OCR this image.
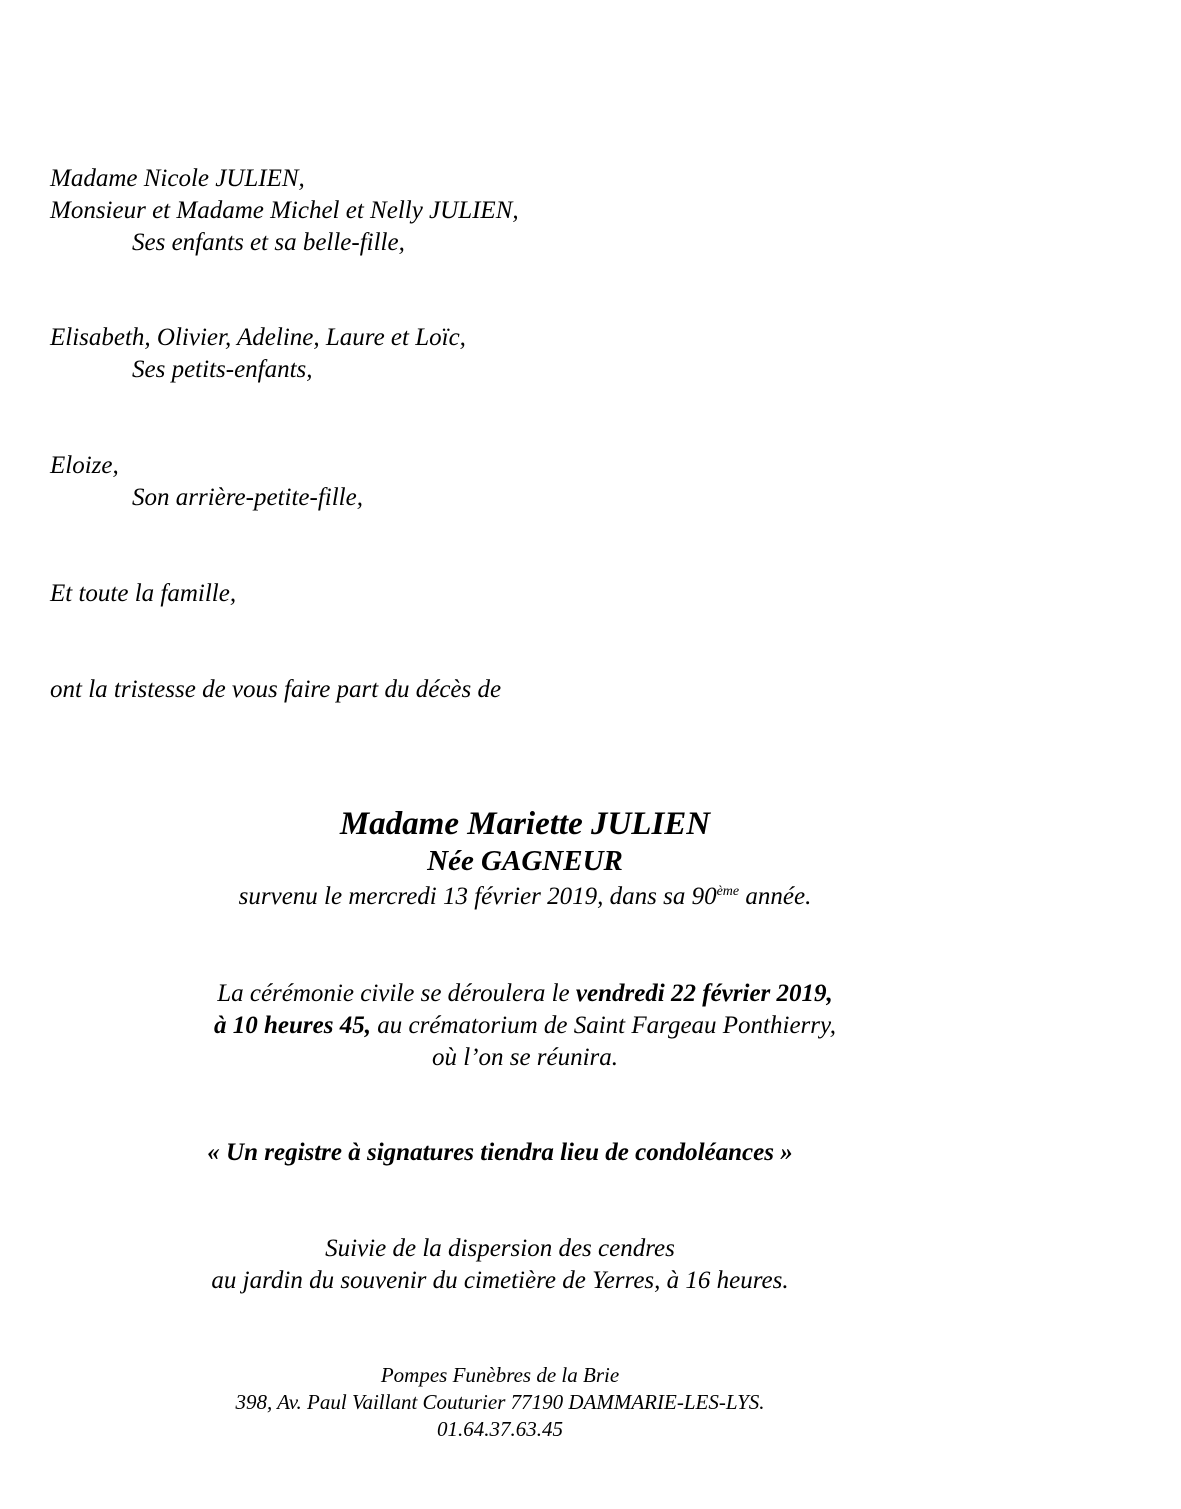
Madame Nicole JULIEN,
Monsieur et Madame Michel et Nelly JULIEN,
Ses enfants et sa belle-fille,
Elisabeth, Olivier, Adeline, Laure et Loïc,
Ses petits-enfants,
Eloize,
Son arrière-petite-fille,
Et toute la famille,
ont la tristesse de vous faire part du décès de
Madame Mariette JULIEN
Née GAGNEUR
survenu le mercredi 13 février 2019, dans sa 90ème année.
La cérémonie civile se déroulera le vendredi 22 février 2019,
à 10 heures 45, au crématorium de Saint Fargeau Ponthierry,
où l’on se réunira.
« Un registre à signatures tiendra lieu de condoléances »
Suivie de la dispersion des cendres
au jardin du souvenir du cimetière de Yerres, à 16 heures.
Pompes Funèbres de la Brie
398, Av. Paul Vaillant Couturier 77190 DAMMARIE-LES-LYS.
01.64.37.63.45
